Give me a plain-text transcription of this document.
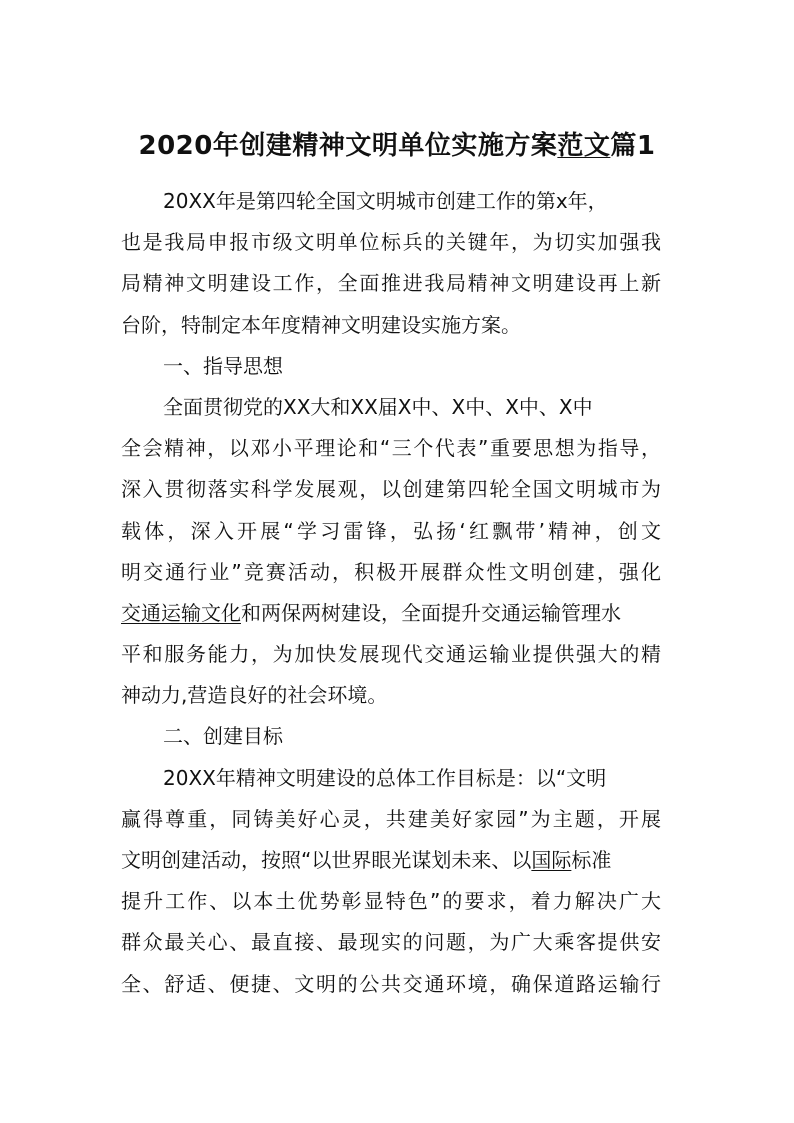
2020年创建精神文明单位实施方案范文篇1
20XX年是第四轮全国文明城市创建工作的第x年，
也是我局申报市级文明单位标兵的关键年，为切实加强我
局精神文明建设工作，全面推进我局精神文明建设再上新
台阶，特制定本年度精神文明建设实施方案。
一、指导思想
全面贯彻党的XX大和XX届X中、X中、X中、X中
全会精神，以邓小平理论和“三个代表”重要思想为指导，
深入贯彻落实科学发展观，以创建第四轮全国文明城市为
载体，深入开展“学习雷锋，弘扬‘红飘带’精神，创文
明交通行业”竞赛活动，积极开展群众性文明创建，强化
交通运输文化和两保两树建设，全面提升交通运输管理水
平和服务能力，为加快发展现代交通运输业提供强大的精
神动力,营造良好的社会环境。
二、创建目标
20XX年精神文明建设的总体工作目标是：以“文明
赢得尊重，同铸美好心灵，共建美好家园”为主题，开展
文明创建活动，按照“以世界眼光谋划未来、以国际标准
提升工作、以本土优势彰显特色”的要求，着力解决广大
群众最关心、最直接、最现实的问题，为广大乘客提供安
全、舒适、便捷、文明的公共交通环境，确保道路运输行
